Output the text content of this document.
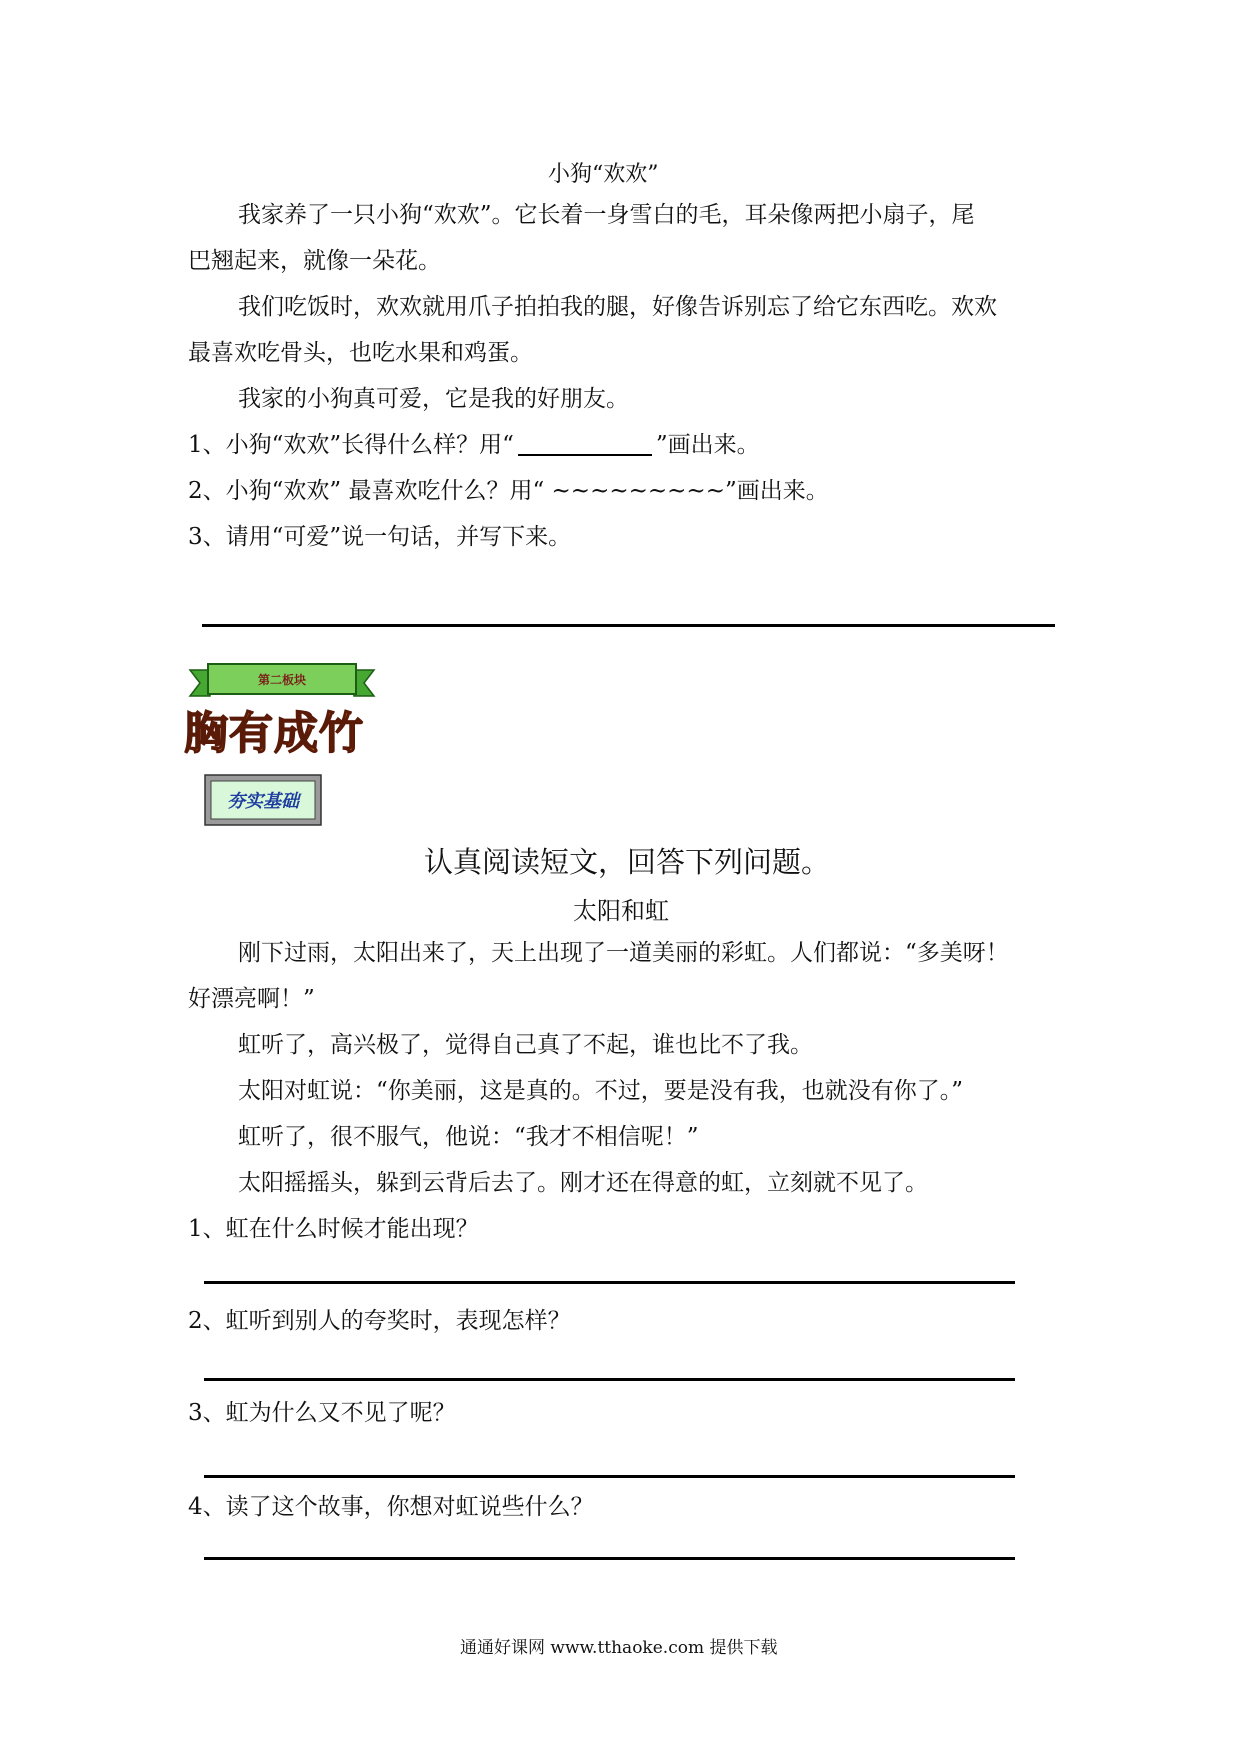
小狗“欢欢”
我家养了一只小狗“欢欢”。它长着一身雪白的毛，耳朵像两把小扇子，尾
巴翘起来，就像一朵花。
我们吃饭时，欢欢就用爪子拍拍我的腿，好像告诉别忘了给它东西吃。欢欢
最喜欢吃骨头，也吃水果和鸡蛋。
我家的小狗真可爱，它是我的好朋友。
1、小狗“欢欢”长得什么样？用“	”画出来。
2、小狗“欢欢” 最喜欢吃什么？用“ ~~~~~~~~~”画出来。
3、请用“可爱”说一句话，并写下来。
第二板块
胸有成竹
夯实基础
认真阅读短文，回答下列问题。
太阳和虹
刚下过雨，太阳出来了，天上出现了一道美丽的彩虹。人们都说：“多美呀！
好漂亮啊！”
虹听了，高兴极了，觉得自己真了不起，谁也比不了我。
太阳对虹说：“你美丽，这是真的。不过，要是没有我，也就没有你了。”
虹听了，很不服气，他说：“我才不相信呢！”
太阳摇摇头，躲到云背后去了。刚才还在得意的虹，立刻就不见了。
1、虹在什么时候才能出现？
2、虹听到别人的夸奖时，表现怎样？
3、虹为什么又不见了呢？
4、读了这个故事，你想对虹说些什么？
通通好课网 www.tthaoke.com 提供下载
